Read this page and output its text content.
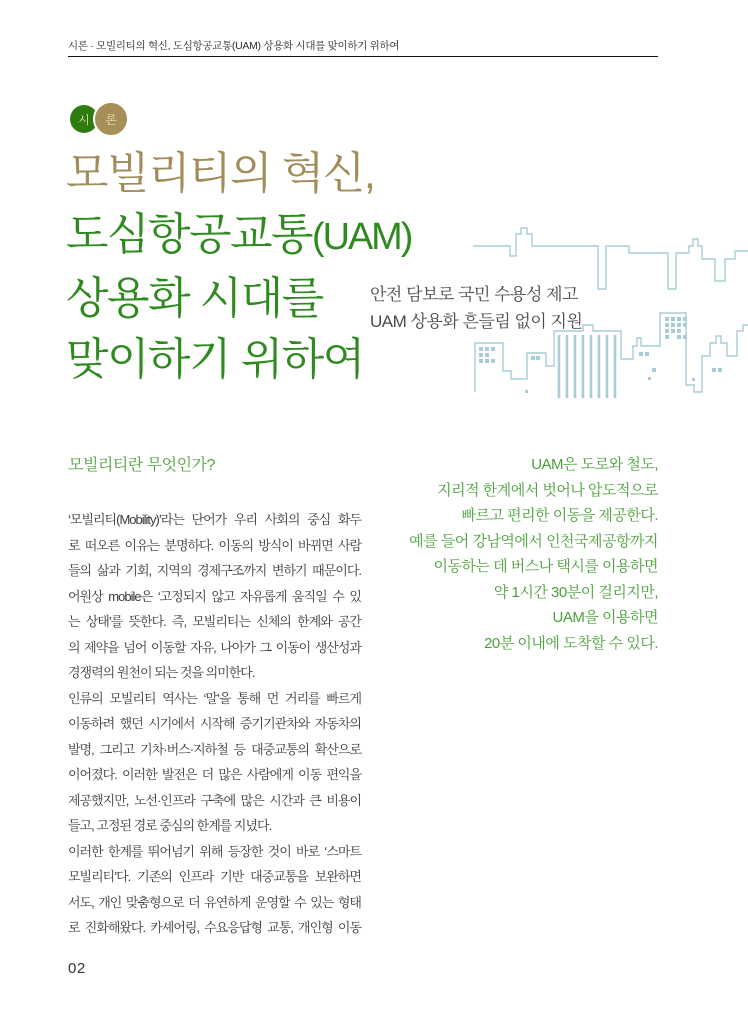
시론 · 모빌리티의 혁신, 도심항공교통(UAM) 상용화 시대를 맞이하기 위하여
시 론
모빌리티의 혁신,
도심항공교통(UAM)
상용화 시대를
맞이하기 위하여
안전 담보로 국민 수용성 제고
UAM 상용화 흔들림 없이 지원
모빌리티란 무엇인가?
‘모빌리티(Mobility)’라는 단어가 우리 사회의 중심 화두
로 떠오른 이유는 분명하다. 이동의 방식이 바뀌면 사람
들의 삶과 기회, 지역의 경제구조까지 변하기 때문이다.
어원상 mobile은 ‘고정되지 않고 자유롭게 움직일 수 있
는 상태’를 뜻한다. 즉, 모빌리티는 신체의 한계와 공간
의 제약을 넘어 이동할 자유, 나아가 그 이동이 생산성과
경쟁력의 원천이 되는 것을 의미한다.
인류의 모빌리티 역사는 ‘말’을 통해 먼 거리를 빠르게
이동하려 했던 시기에서 시작해 증기기관차와 자동차의
발명, 그리고 기차·버스·지하철 등 대중교통의 확산으로
이어졌다. 이러한 발전은 더 많은 사람에게 이동 편익을
제공했지만, 노선·인프라 구축에 많은 시간과 큰 비용이
들고, 고정된 경로 중심의 한계를 지녔다.
이러한 한계를 뛰어넘기 위해 등장한 것이 바로 ‘스마트
모빌리티’다. 기존의 인프라 기반 대중교통을 보완하면
서도, 개인 맞춤형으로 더 유연하게 운영할 수 있는 형태
로 진화해왔다. 카셰어링, 수요응답형 교통, 개인형 이동
UAM은 도로와 철도,
지리적 한계에서 벗어나 압도적으로
빠르고 편리한 이동을 제공한다.
예를 들어 강남역에서 인천국제공항까지
이동하는 데 버스나 택시를 이용하면
약 1시간 30분이 걸리지만,
UAM을 이용하면
20분 이내에 도착할 수 있다.
02
